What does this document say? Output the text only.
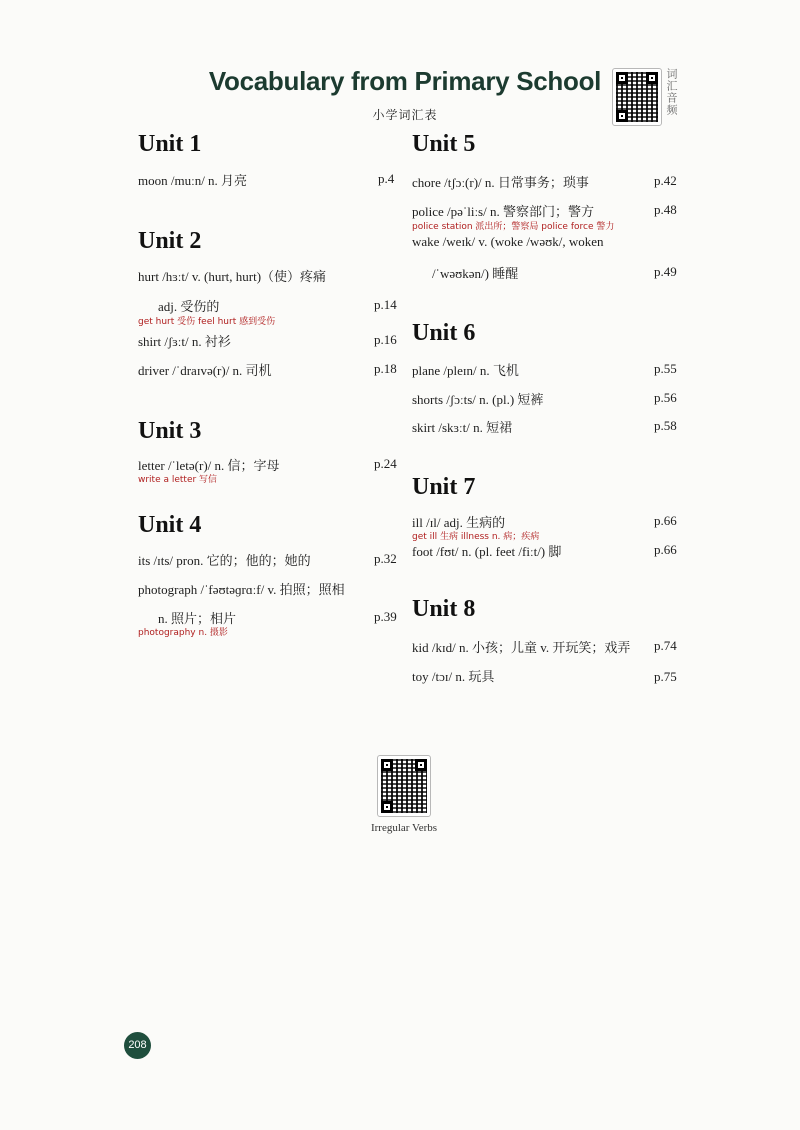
Vocabulary from Primary School
小学词汇表	词汇音频
Unit 1
moon /muːn/ n. 月亮	p.4
Unit 2
hurt /hɜːt/ v. (hurt, hurt)（使）疼痛
adj. 受伤的	p.14
get hurt 受伤 feel hurt 感到受伤
shirt /ʃɜːt/ n. 衬衫	p.16
driver /ˈdraɪvə(r)/ n. 司机	p.18
Unit 3
letter /ˈletə(r)/ n. 信；字母	p.24
write a letter 写信
Unit 4
its /ɪts/ pron. 它的；他的；她的	p.32
photograph /ˈfəʊtəɡrɑːf/ v. 拍照；照相
n. 照片；相片	p.39
photography n. 摄影
Unit 5
chore /tʃɔː(r)/ n. 日常事务；琐事	p.42
police /pəˈliːs/ n. 警察部门；警方	p.48
police station 派出所；警察局 police force 警力
wake /weɪk/ v. (woke /wəʊk/, woken
/ˈwəʊkən/) 睡醒	p.49
Unit 6
plane /pleɪn/ n. 飞机	p.55
shorts /ʃɔːts/ n. (pl.) 短裤	p.56
skirt /skɜːt/ n. 短裙	p.58
Unit 7
ill /ɪl/ adj. 生病的	p.66
get ill 生病 illness n. 病；疾病
foot /fʊt/ n. (pl. feet /fiːt/) 脚	p.66
Unit 8
kid /kɪd/ n. 小孩；儿童 v. 开玩笑；戏弄 p.74
toy /tɔɪ/ n. 玩具	p.75
Irregular Verbs
208
